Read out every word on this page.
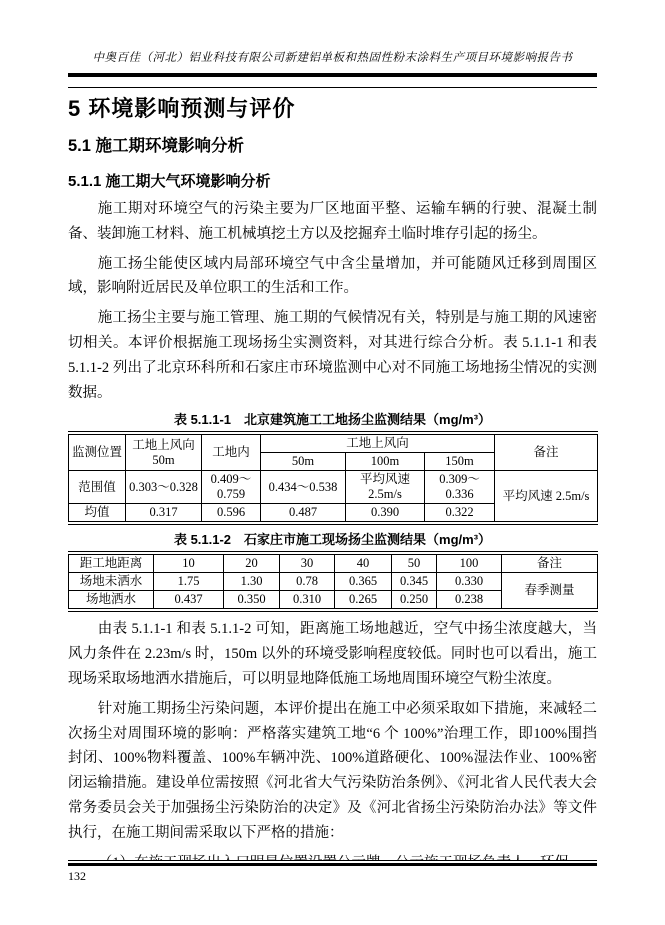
中奥百佳（河北）铝业科技有限公司新建铝单板和热固性粉末涂料生产项目环境影响报告书
5 环境影响预测与评价
5.1 施工期环境影响分析
5.1.1 施工期大气环境影响分析

施工期对环境空气的污染主要为厂区地面平整、运输车辆的行驶、混凝土制备、装卸施工材料、施工机械填挖土方以及挖掘弃土临时堆存引起的扬尘。

施工扬尘能使区域内局部环境空气中含尘量增加，并可能随风迁移到周围区域，影响附近居民及单位职工的生活和工作。

施工扬尘主要与施工管理、施工期的气候情况有关，特别是与施工期的风速密切相关。本评价根据施工现场扬尘实测资料，对其进行综合分析。表 5.1.1-1 和表 5.1.1-2 列出了北京环科所和石家庄市环境监测中心对不同施工场地扬尘情况的实测数据。

表 5.1.1-1　北京建筑施工工地扬尘监测结果（mg/m³）
监测位置	工地上风向 50m	工地内	工地上风向			备注
			50m	100m	150m	
范围值	0.303～0.328	0.409～0.759	0.434～0.538	平均风速 2.5m/s	0.309～0.336	平均风速 2.5m/s
均值	0.317	0.596	0.487	0.390	0.322	
表 5.1.1-2　石家庄市施工现场扬尘监测结果（mg/m³）
距工地距离	10	20	30	40	50	100	备注
场地未洒水	1.75	1.30	0.78	0.365	0.345	0.330	春季测量
场地洒水	0.437	0.350	0.310	0.265	0.250	0.238	

由表 5.1.1-1 和表 5.1.1-2 可知，距离施工场地越近，空气中扬尘浓度越大，当风力条件在 2.23m/s 时，150m 以外的环境受影响程度较低。同时也可以看出，施工现场采取场地洒水措施后，可以明显地降低施工场地周围环境空气粉尘浓度。

针对施工期扬尘污染问题，本评价提出在施工中必须采取如下措施，来减轻二次扬尘对周围环境的影响：严格落实建筑工地“6 个 100%”治理工作，即100%围挡封闭、100%物料覆盖、100%车辆冲洗、100%道路硬化、100%湿法作业、100%密闭运输措施。建设单位需按照《河北省大气污染防治条例》、《河北省人民代表大会常务委员会关于加强扬尘污染防治的决定》及《河北省扬尘污染防治办法》等文件执行，在施工期间需采取以下严格的措施：

132
